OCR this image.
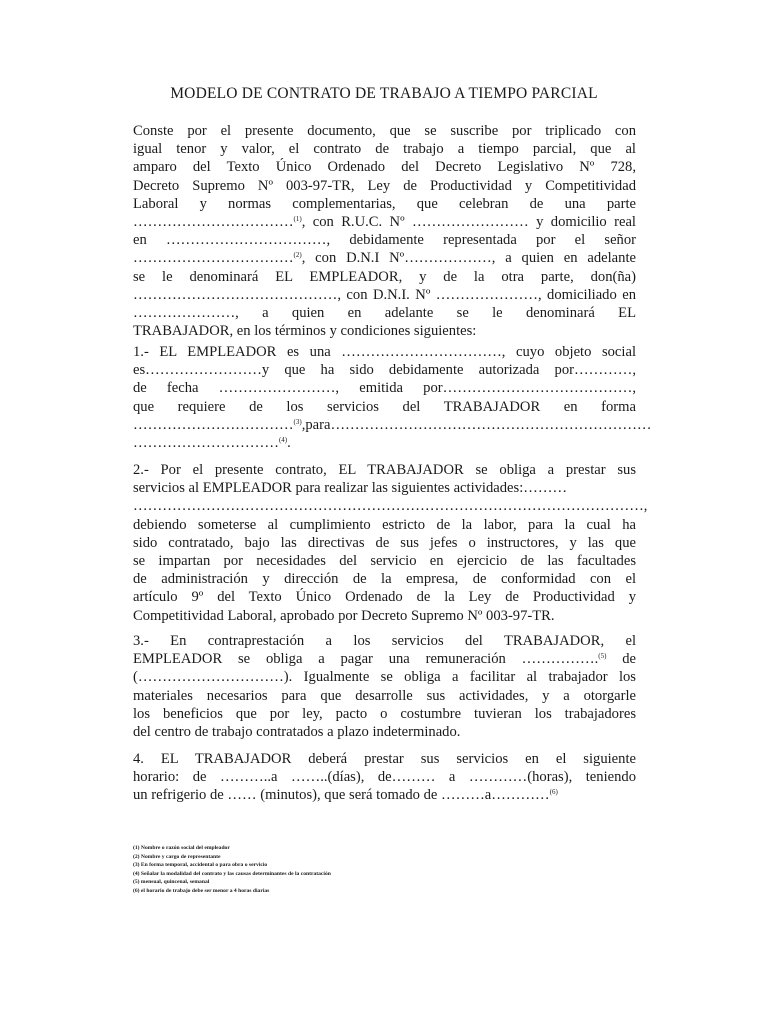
MODELO DE CONTRATO DE TRABAJO A TIEMPO PARCIAL
Conste por el presente documento, que se suscribe por triplicado con
igual tenor y valor, el contrato de trabajo a tiempo parcial, que al
amparo del Texto Único Ordenado del Decreto Legislativo Nº 728,
Decreto Supremo Nº 003-97-TR, Ley de Productividad y Competitividad
Laboral y normas complementarias, que celebran de una parte
……………………………$^{(1)}$, con R.U.C. Nº …………………… y domicilio real
en ……………………………, debidamente representada por el señor
……………………………$^{(2)}$, con D.N.I Nº………………, a quien en adelante
se le denominará EL EMPLEADOR, y de la otra parte, don(ña)
……………………………………, con D.N.I. Nº …………………, domiciliado en
…………………, a quien en adelante se le denominará EL
TRABAJADOR, en los términos y condiciones siguientes:
1.- EL EMPLEADOR es una ……………………………, cuyo objeto social
es……………………y que ha sido debidamente autorizada por…………,
de fecha ……………………, emitida por…………………………………,
que requiere de los servicios del TRABAJADOR en forma
……………………………$^{(3)}$,para…………………………………………………………
…………………………$^{(4)}$.
2.- Por el presente contrato, EL TRABAJADOR se obliga a prestar sus
servicios al EMPLEADOR para realizar las siguientes actividades:………
……………………………………………………………………………………………,
debiendo someterse al cumplimiento estricto de la labor, para la cual ha
sido contratado, bajo las directivas de sus jefes o instructores, y las que
se impartan por necesidades del servicio en ejercicio de las facultades
de administración y dirección de la empresa, de conformidad con el
artículo 9º del Texto Único Ordenado de la Ley de Productividad y
Competitividad Laboral, aprobado por Decreto Supremo Nº 003-97-TR.
3.- En contraprestación a los servicios del TRABAJADOR, el
EMPLEADOR se obliga a pagar una remuneración …………….$^{(5)}$ de
(…………………………). Igualmente se obliga a facilitar al trabajador los
materiales necesarios para que desarrolle sus actividades, y a otorgarle
los beneficios que por ley, pacto o costumbre tuvieran los trabajadores
del centro de trabajo contratados a plazo indeterminado.
4. EL TRABAJADOR deberá prestar sus servicios en el siguiente
horario: de ………..a ……..(días), de……… a …………(horas), teniendo
un refrigerio de …… (minutos), que será tomado de ………a…………$^{(6)}$
(1) Nombre o razón social del empleador
(2) Nombre y cargo de representante
(3) En forma temporal, accidental o para obra o servicio
(4) Señalar la modalidad del contrato y las causas determinantes de la contratación
(5) mensual, quincenal, semanal
(6) el horario de trabajo debe ser menor a 4 horas diarias
